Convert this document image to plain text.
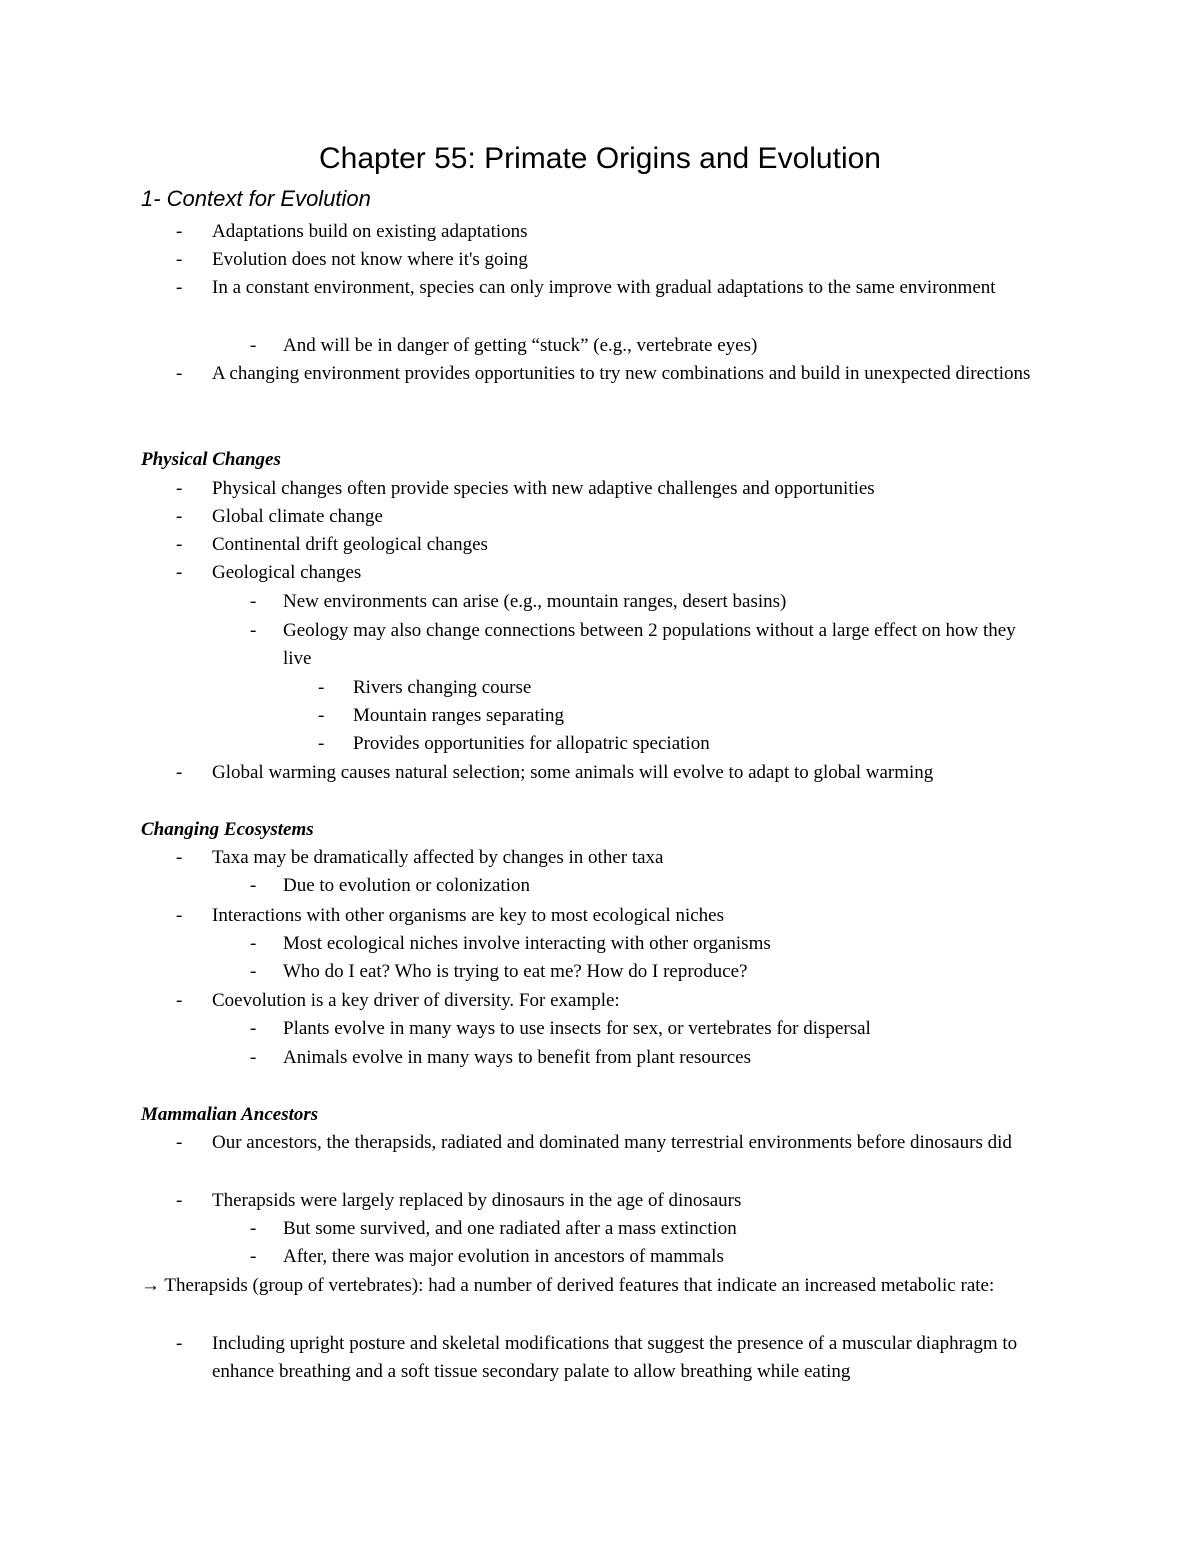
Chapter 55: Primate Origins and Evolution
1- Context for Evolution
- Adaptations build on existing adaptations
- Evolution does not know where it's going
- In a constant environment, species can only improve with gradual adaptations to the same environment
- And will be in danger of getting “stuck” (e.g., vertebrate eyes)
- A changing environment provides opportunities to try new combinations and build in unexpected directions
Physical Changes
- Physical changes often provide species with new adaptive challenges and opportunities
- Global climate change
- Continental drift geological changes
- Geological changes
- New environments can arise (e.g., mountain ranges, desert basins)
- Geology may also change connections between 2 populations without a large effect on how they live
- Rivers changing course
- Mountain ranges separating
- Provides opportunities for allopatric speciation
- Global warming causes natural selection; some animals will evolve to adapt to global warming
Changing Ecosystems
- Taxa may be dramatically affected by changes in other taxa
- Due to evolution or colonization
- Interactions with other organisms are key to most ecological niches
- Most ecological niches involve interacting with other organisms
- Who do I eat? Who is trying to eat me? How do I reproduce?
- Coevolution is a key driver of diversity. For example:
- Plants evolve in many ways to use insects for sex, or vertebrates for dispersal
- Animals evolve in many ways to benefit from plant resources
Mammalian Ancestors
- Our ancestors, the therapsids, radiated and dominated many terrestrial environments before dinosaurs did
- Therapsids were largely replaced by dinosaurs in the age of dinosaurs
- But some survived, and one radiated after a mass extinction
- After, there was major evolution in ancestors of mammals
→ Therapsids (group of vertebrates): had a number of derived features that indicate an increased metabolic rate:
- Including upright posture and skeletal modifications that suggest the presence of a muscular diaphragm to enhance breathing and a soft tissue secondary palate to allow breathing while eating
